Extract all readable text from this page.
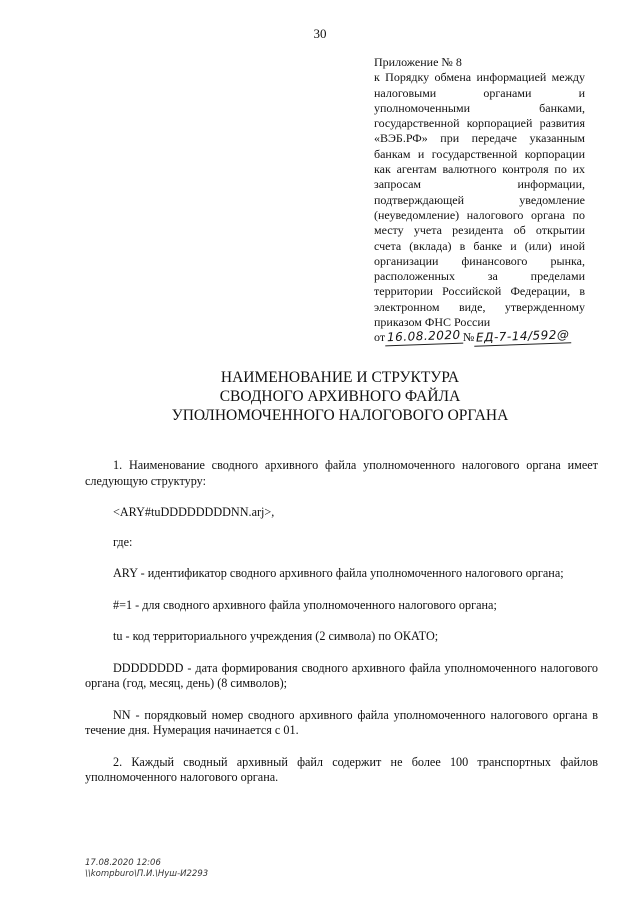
30
Приложение № 8
к Порядку обмена информацией между
налоговыми органами и
уполномоченными банками,
государственной корпорацией развития
«ВЭБ.РФ» при передаче указанным
банкам и государственной корпорации
как агентам валютного контроля по их
запросам информации,
подтверждающей уведомление
(неуведомление) налогового органа по
месту учета резидента об открытии
счета (вклада) в банке и (или) иной
организации финансового рынка,
расположенных за пределами
территории Российской Федерации, в
электронном виде, утвержденному
приказом ФНС России
от 16.08.2020 № ЕД-7-14/592@
НАИМЕНОВАНИЕ И СТРУКТУРА
СВОДНОГО АРХИВНОГО ФАЙЛА
УПОЛНОМОЧЕННОГО НАЛОГОВОГО ОРГАНА

1. Наименование сводного архивного файла уполномоченного налогового органа имеет следующую структуру:

<ARY#tuDDDDDDDDNN.arj>,

где:

ARY - идентификатор сводного архивного файла уполномоченного налогового органа;

#=1 - для сводного архивного файла уполномоченного налогового органа;

tu - код территориального учреждения (2 символа) по ОКАТО;

DDDDDDDD - дата формирования сводного архивного файла уполномоченного налогового органа (год, месяц, день) (8 символов);

NN - порядковый номер сводного архивного файла уполномоченного налогового органа в течение дня. Нумерация начинается с 01.

2. Каждый сводный архивный файл содержит не более 100 транспортных файлов уполномоченного налогового органа.

17.08.2020 12:06
\\kompburo\П.И.\Нуш-И2293
